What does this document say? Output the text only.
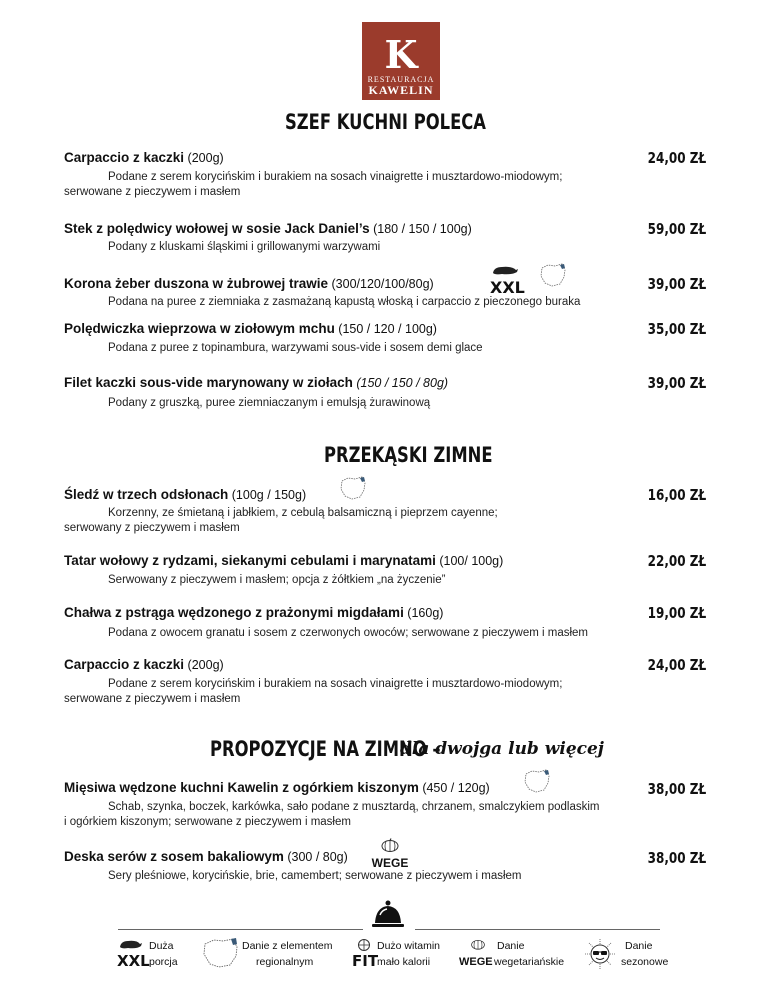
K
RESTAURACJA
KAWELIN
SZEF KUCHNI POLECA
Carpaccio z kaczki (200g)	24,00 ZŁ
Podane z serem koryciński​m i burakiem na sosach vinaigrette i musztardowo-miodowym;
serwowane z pieczywem i masłem
Stek z polędwicy wołowej w sosie Jack Daniel’s (180 / 150 / 100g)	59,00 ZŁ
Podany z kluskami śląskimi i grillowanymi warzywami
Korona żeber duszona w żubrowej trawie (300/120/100/80g)	XXL	39,00 ZŁ
Podana na puree z ziemniaka z zasmażaną kapustą włoską i carpaccio z pieczonego buraka
Polędwiczka wieprzowa w ziołowym mchu (150 / 120 / 100g)	35,00 ZŁ
Podana z puree z topinambura, warzywami sous-vide i sosem demi glace
Filet kaczki sous-vide marynowany w ziołach (150 / 150 / 80g)	39,00 ZŁ
Podany z gruszką, puree ziemniaczanym i emulsją żurawinową
PRZEKĄSKI ZIMNE
Śledź w trzech odsłonach (100g / 150g)	16,00 ZŁ
Korzenny, ze śmietaną i jabłkiem, z cebulą balsamiczną i pieprzem cayenne;
serwowany z pieczywem i masłem
Tatar wołowy z rydzami, siekanymi cebulami i marynatami (100/ 100g)	22,00 ZŁ
Serwowany z pieczywem i masłem; opcja z żółtkiem „na życzenie”
Chałwa z pstrąga wędzonego z prażonymi migdałami (160g)	19,00 ZŁ
Podana z owocem granatu i sosem z czerwonych owoców; serwowane z pieczywem i masłem
Carpaccio z kaczki (200g)	24,00 ZŁ
Podane z serem koryciński​m i burakiem na sosach vinaigrette i musztardowo-miodowym;
serwowane z pieczywem i masłem
PROPOZYCJE NA ZIMNO –
dla dwojga lub więcej
Mięsiwa wędzone kuchni Kawelin z ogórkiem kiszonym (450 / 120g)	38,00 ZŁ
Schab, szynka, boczek, karkówka, sało podane z musztardą, chrzanem, smalczykiem podlaskim
i ogórkiem kiszonym; serwowane z pieczywem i masłem
Deska serów z sosem bakaliowym (300 / 80g) WEGE	38,00 ZŁ
Sery pleśniowe, koryciński​e, brie, camembert; serwowane z pieczywem i masłem
Duża
XXL porcja
Danie z elementem
regionalnym
Dużo witamin
FIT
mało kalorii
Danie
WEGE wegetariańskie
Danie
sezonowe
